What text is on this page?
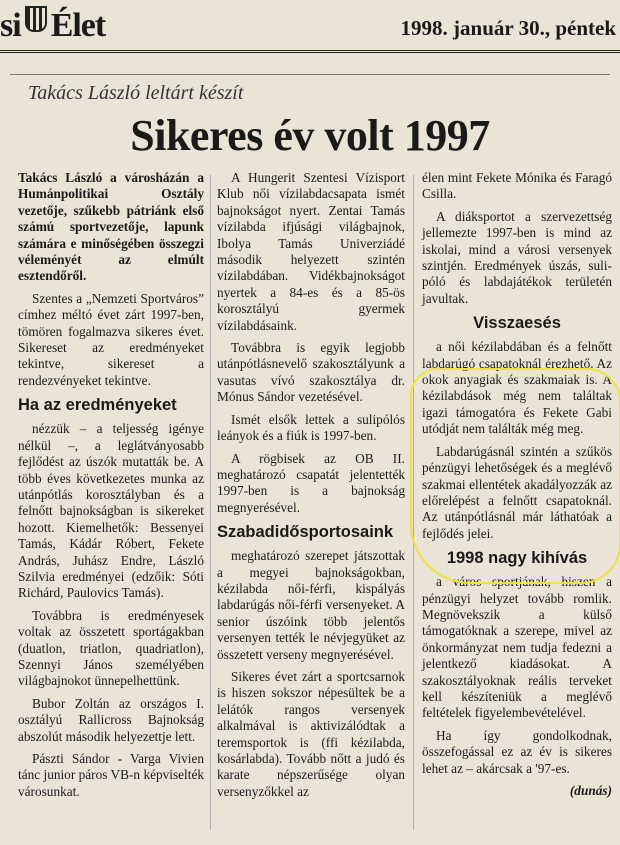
si Élet	1998. január 30., péntek
Takács László leltárt készít
Sikeres év volt 1997

Takács László a városházán a Humánpolitikai Osztály vezetője, szűkebb pátriánk első számú sportvezetője, lapunk számára e minőségében összegzi véleményét az elmúlt esztendőről.

Szentes a „Nemzeti Sportváros” címhez méltó évet zárt 1997-ben, tömören fogalmazva sikeres évet. Sikereset az eredményeket tekintve, sikereset a rendezvényeket tekintve.

Ha az eredményeket

nézzük – a teljesség igénye nélkül –, a leglátványosabb fejlődést az úszók mutatták be. A több éves következetes munka az utánpótlás korosztályban és a felnőtt bajnokságban is sikereket hozott. Kiemelhetők: Bessenyei Tamás, Kádár Róbert, Fekete András, Juhász Endre, László Szilvia eredményei (edzőik: Sóti Richárd, Paulovics Tamás).

Továbbra is eredményesek voltak az összetett sportágakban (duatlon, triatlon, quadriatlon), Szennyi János személyében világbajnokot ünnepelhettünk.

Bubor Zoltán az országos I. osztályú Rallicross Bajnokság abszolút második helyezettje lett.

Pászti Sándor - Varga Vivien tánc junior páros VB-n képviselték városunkat.

A Hungerit Szentesi Vízisport Klub női vízilabdacsapata ismét bajnokságot nyert. Zentai Tamás vízilabda ifjúsági világbajnok, Ibolya Tamás Univerziádé második helyezett szintén vízilabdában. Vidékbajnokságot nyertek a 84-es és a 85-ös korosztályú gyermek vízilabdásaink.

Továbbra is egyik legjobb utánpótlásnevelő szakosztályunk a vasutas vívó szakosztálya dr. Mónus Sándor vezetésével.

Ismét elsők lettek a sulipólós leányok és a fiúk is 1997-ben.

A rögbisek az OB II. meghatározó csapatát jelentették 1997-ben is a bajnokság megnyerésével.

Szabadidősportosaink

meghatározó szerepet játszottak a megyei bajnokságokban, kézilabda női-férfi, kispályás labdarúgás női-férfi versenyeket. A senior úszóink több jelentős versenyen tették le névjegyüket az összetett verseny megnyerésével.

Sikeres évet zárt a sportcsarnok is hiszen sokszor népesültek be a lelátók rangos versenyek alkalmával is aktivizálódtak a teremsportok is (ffi kézilabda, kosárlabda). Tovább nőtt a judó és karate népszerűsége olyan versenyzőkkel az

élen mint Fekete Mónika és Faragó Csilla.

A diáksportot a szervezettség jellemezte 1997-ben is mind az iskolai, mind a városi versenyek szintjén. Eredmények úszás, suli-póló és labdajátékok területén javultak.

Visszaesés

a női kézilabdában és a felnőtt labdarúgó csapatoknál érezhető. Az okok anyagiak és szakmaiak is. A kézilabdások még nem találtak igazi támogatóra és Fekete Gabi utódját nem találták még meg.

Labdarúgásnál szintén a szűkös pénzügyi lehetőségek és a meglévő szakmai ellentétek akadályozzák az előrelépést a felnőtt csapatoknál. Az utánpótlásnál már láthatóak a fejlődés jelei.

1998 nagy kihívás

a város sportjának, hiszen a pénzügyi helyzet tovább romlik. Megnövekszik a külső támogatóknak a szerepe, mivel az önkormányzat nem tudja fedezni a jelentkező kiadásokat. A szakosztályoknak reális terveket kell készíteniük a meglévő feltételek figyelembevételével.

Ha így gondolkodnak, összefogással ez az év is sikeres lehet az – akárcsak a '97-es.

(dunás)
